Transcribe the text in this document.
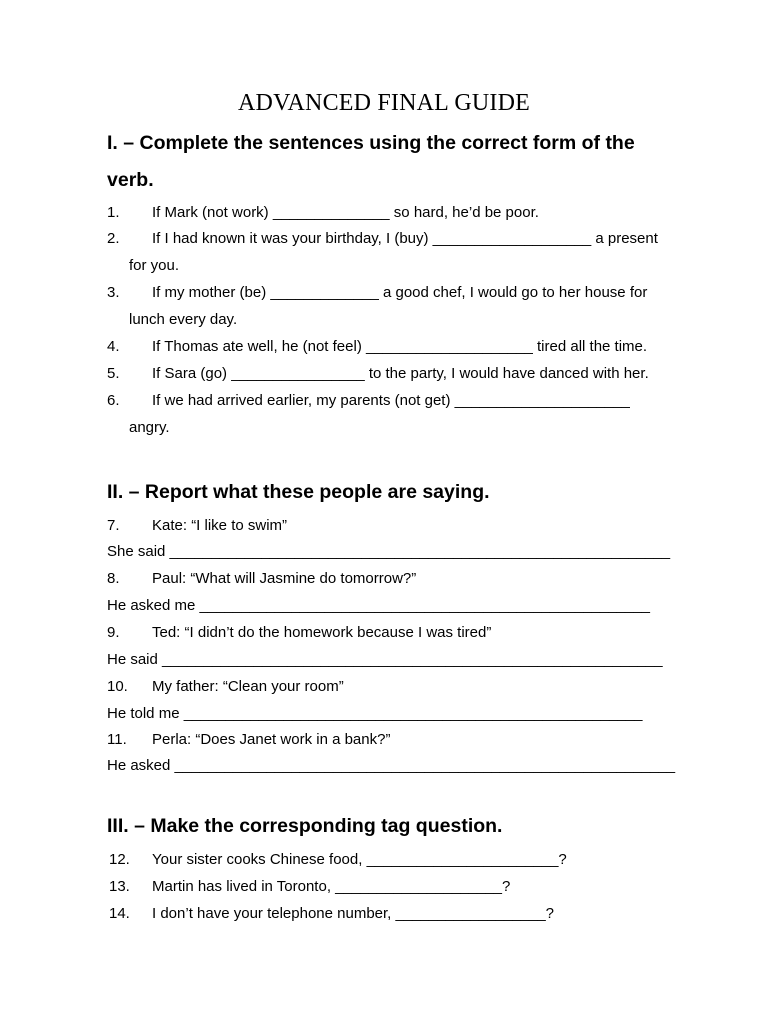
ADVANCED FINAL GUIDE
I. – Complete the sentences using the correct form of the verb.
1. If Mark (not work) ______________ so hard, he’d be poor.
2. If I had known it was your birthday, I (buy) ___________________ a present
for you.
3. If my mother (be) _____________ a good chef, I would go to her house for
lunch every day.
4. If Thomas ate well, he (not feel) ____________________ tired all the time.
5. If Sara (go) ________________ to the party, I would have danced with her.
6. If we had arrived earlier, my parents (not get) _____________________
angry.
II. – Report what these people are saying.
7. Kate: “I like to swim”
She said ____________________________________________________________
8. Paul: “What will Jasmine do tomorrow?”
He asked me ______________________________________________________
9. Ted: “I didn’t do the homework because I was tired”
He said ____________________________________________________________
10. My father: “Clean your room”
He told me _______________________________________________________
11. Perla: “Does Janet work in a bank?”
He asked ____________________________________________________________
III. – Make the corresponding tag question.
12. Your sister cooks Chinese food, _______________________?
13. Martin has lived in Toronto, ____________________?
14. I don’t have your telephone number, __________________?
